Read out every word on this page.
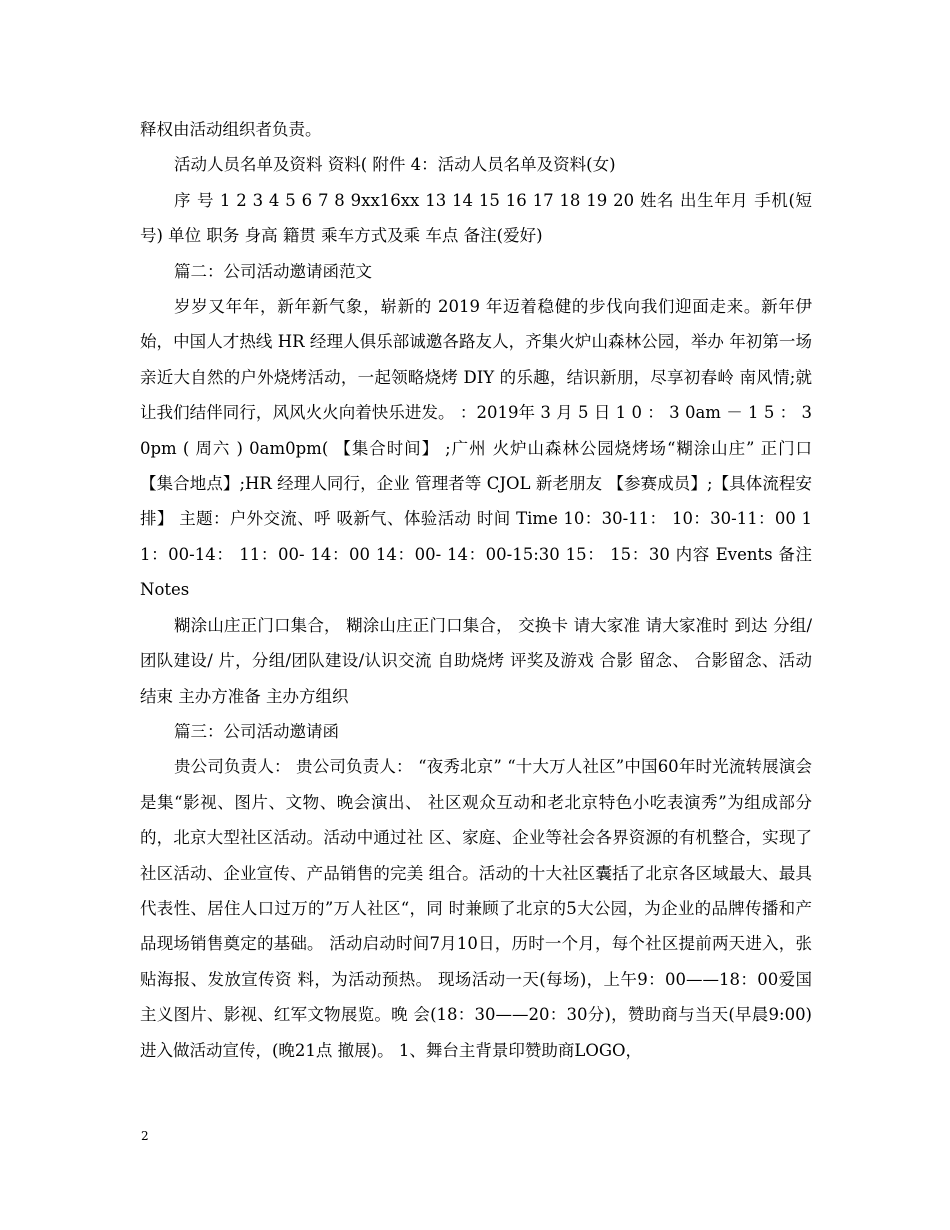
释权由活动组织者负责。

活动人员名单及资料 资料( 附件 4：活动人员名单及资料(女)

序 号 1 2 3 4 5 6 7 8 9xx16xx 13 14 15 16 17 18 19 20 姓名 出生年月 手机(短号) 单位 职务 身高 籍贯 乘车方式及乘 车点 备注(爱好)

篇二：公司活动邀请函范文

岁岁又年年，新年新气象，崭新的 2019 年迈着稳健的步伐向我们迎面走来。新年伊始，中国人才热线 HR 经理人俱乐部诚邀各路友人，齐集火炉山森林公园，举办 年初第一场亲近大自然的户外烧烤活动，一起领略烧烤 DIY 的乐趣，结识新朋，尽享初春岭 南风情;就让我们结伴同行，风风火火向着快乐进发。 ：2019年 3 月 5 日 1 0 ： 3 0am － 1 5 ： 3 0pm ( 周六 ) 0am0pm( 【集合时间】 ;广州 火炉山森林公园烧烤场“糊涂山庄” 正门口 【集合地点】;HR 经理人同行，企业 管理者等 CJOL 新老朋友 【参赛成员】;【具体流程安排】 主题：户外交流、呼 吸新气、体验活动 时间 Time 10：30-11： 10：30-11：00 11：00-14： 11：00- 14：00 14：00- 14：00-15:30 15： 15：30 内容 Events 备注 Notes

糊涂山庄正门口集合， 糊涂山庄正门口集合， 交换卡 请大家准 请大家准时 到达 分组/团队建设/ 片，分组/团队建设/认识交流 自助烧烤 评奖及游戏 合影 留念、 合影留念、活动结束 主办方准备 主办方组织

篇三：公司活动邀请函

贵公司负责人： 贵公司负责人： “夜秀北京” “十大万人社区”中国60年时光流转展演会是集“影视、图片、文物、晚会演出、 社区观众互动和老北京特色小吃表演秀”为组成部分的，北京大型社区活动。活动中通过社 区、家庭、企业等社会各界资源的有机整合，实现了社区活动、企业宣传、产品销售的完美 组合。活动的十大社区囊括了北京各区域最大、最具代表性、居住人口过万的”万人社区“，同 时兼顾了北京的5大公园，为企业的品牌传播和产品现场销售奠定的基础。 活动启动时间7月10日，历时一个月，每个社区提前两天进入，张贴海报、发放宣传资 料，为活动预热。 现场活动一天(每场)，上午9：00——18：00爱国主义图片、影视、红军文物展览。晚 会(18：30——20：30分)，赞助商与当天(早晨9:00)进入做活动宣传，(晚21点 撤展)。 1、舞台主背景印赞助商LOGO，

2
